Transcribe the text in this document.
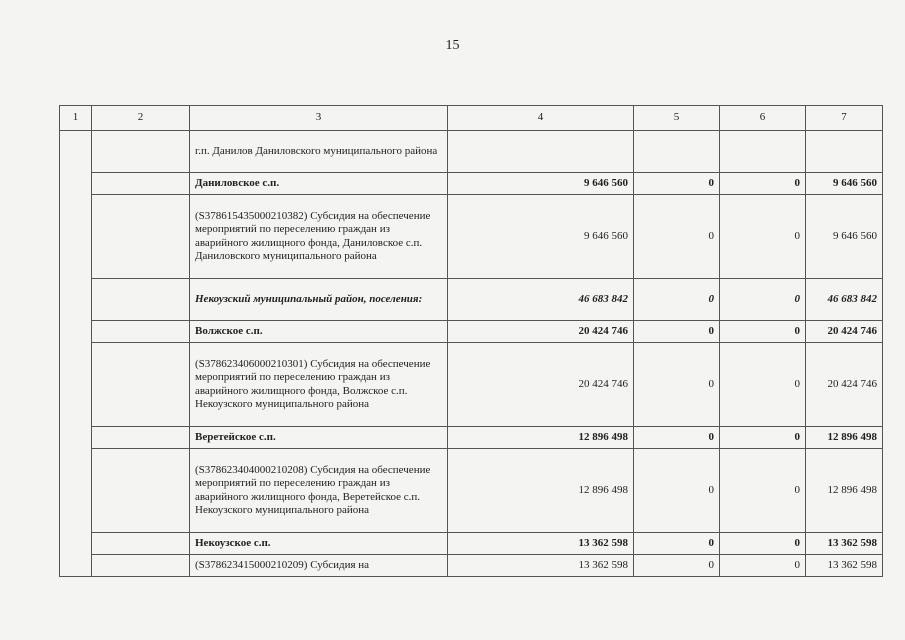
15
1	2	3	4	5	6	7
		г.п. Данилов Даниловского муниципального района				
		Даниловское с.п.	9 646 560	0	0	9 646 560
		(S378615435000210382) Субсидия на обеспечение мероприятий по переселению граждан из аварийного жилищного фонда, Даниловское с.п. Даниловского муниципального района	9 646 560	0	0	9 646 560
		Некоузский муниципальный район, поселения:	46 683 842	0	0	46 683 842
		Волжское с.п.	20 424 746	0	0	20 424 746
		(S378623406000210301) Субсидия на обеспечение мероприятий по переселению граждан из аварийного жилищного фонда, Волжское с.п. Некоузского муниципального района	20 424 746	0	0	20 424 746
		Веретейское с.п.	12 896 498	0	0	12 896 498
		(S378623404000210208) Субсидия на обеспечение мероприятий по переселению граждан из аварийного жилищного фонда, Веретейское с.п. Некоузского муниципального района	12 896 498	0	0	12 896 498
		Некоузское с.п.	13 362 598	0	0	13 362 598
		(S378623415000210209) Субсидия на	13 362 598	0	0	13 362 598
